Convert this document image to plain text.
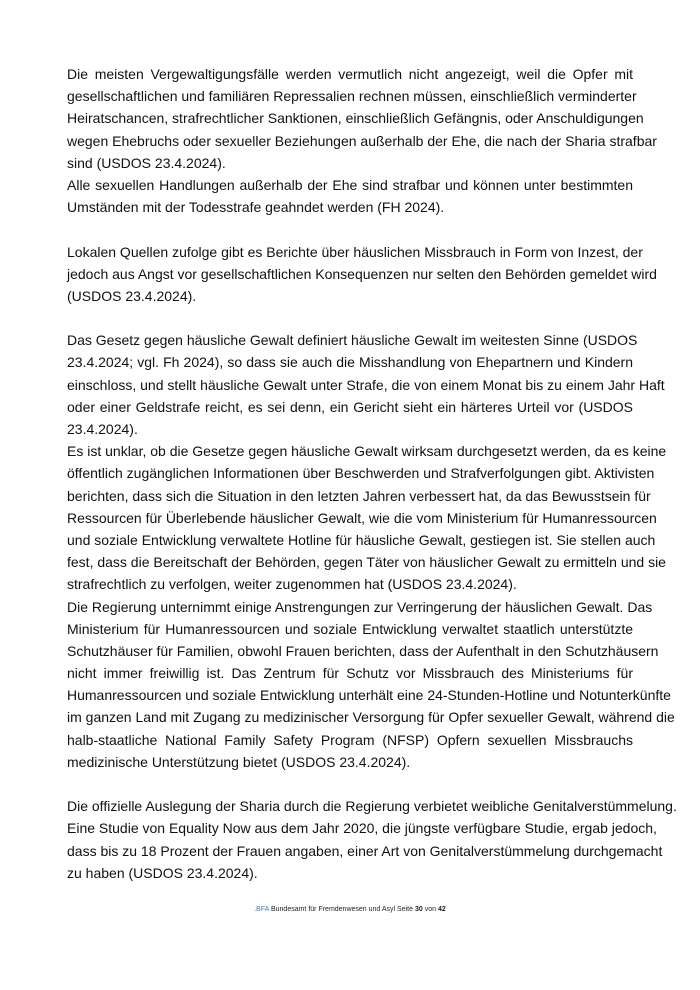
Die meisten Vergewaltigungsfälle werden vermutlich nicht angezeigt, weil die Opfer mit
gesellschaftlichen und familiären Repressalien rechnen müssen, einschließlich verminderter
Heiratschancen, strafrechtlicher Sanktionen, einschließlich Gefängnis, oder Anschuldigungen
wegen Ehebruchs oder sexueller Beziehungen außerhalb der Ehe, die nach der Sharia strafbar
sind (USDOS 23.4.2024).
Alle sexuellen Handlungen außerhalb der Ehe sind strafbar und können unter bestimmten
Umständen mit der Todesstrafe geahndet werden (FH 2024).
Lokalen Quellen zufolge gibt es Berichte über häuslichen Missbrauch in Form von Inzest, der
jedoch aus Angst vor gesellschaftlichen Konsequenzen nur selten den Behörden gemeldet wird
(USDOS 23.4.2024).
Das Gesetz gegen häusliche Gewalt definiert häusliche Gewalt im weitesten Sinne (USDOS
23.4.2024; vgl. Fh 2024), so dass sie auch die Misshandlung von Ehepartnern und Kindern
einschloss, und stellt häusliche Gewalt unter Strafe, die von einem Monat bis zu einem Jahr Haft
oder einer Geldstrafe reicht, es sei denn, ein Gericht sieht ein härteres Urteil vor (USDOS
23.4.2024).
Es ist unklar, ob die Gesetze gegen häusliche Gewalt wirksam durchgesetzt werden, da es keine
öffentlich zugänglichen Informationen über Beschwerden und Strafverfolgungen gibt. Aktivisten
berichten, dass sich die Situation in den letzten Jahren verbessert hat, da das Bewusstsein für
Ressourcen für Überlebende häuslicher Gewalt, wie die vom Ministerium für Humanressourcen
und soziale Entwicklung verwaltete Hotline für häusliche Gewalt, gestiegen ist. Sie stellen auch
fest, dass die Bereitschaft der Behörden, gegen Täter von häuslicher Gewalt zu ermitteln und sie
strafrechtlich zu verfolgen, weiter zugenommen hat (USDOS 23.4.2024).
Die Regierung unternimmt einige Anstrengungen zur Verringerung der häuslichen Gewalt. Das
Ministerium für Humanressourcen und soziale Entwicklung verwaltet staatlich unterstützte
Schutzhäuser für Familien, obwohl Frauen berichten, dass der Aufenthalt in den Schutzhäusern
nicht immer freiwillig ist. Das Zentrum für Schutz vor Missbrauch des Ministeriums für
Humanressourcen und soziale Entwicklung unterhält eine 24-Stunden-Hotline und Notunterkünfte
im ganzen Land mit Zugang zu medizinischer Versorgung für Opfer sexueller Gewalt, während die
halb-staatliche National Family Safety Program (NFSP) Opfern sexuellen Missbrauchs
medizinische Unterstützung bietet (USDOS 23.4.2024).
Die offizielle Auslegung der Sharia durch die Regierung verbietet weibliche Genitalverstümmelung.
Eine Studie von Equality Now aus dem Jahr 2020, die jüngste verfügbare Studie, ergab jedoch,
dass bis zu 18 Prozent der Frauen angaben, einer Art von Genitalverstümmelung durchgemacht
zu haben (USDOS 23.4.2024).
.BFA Bundesamt für Fremdenwesen und Asyl Seite 30 von 42
